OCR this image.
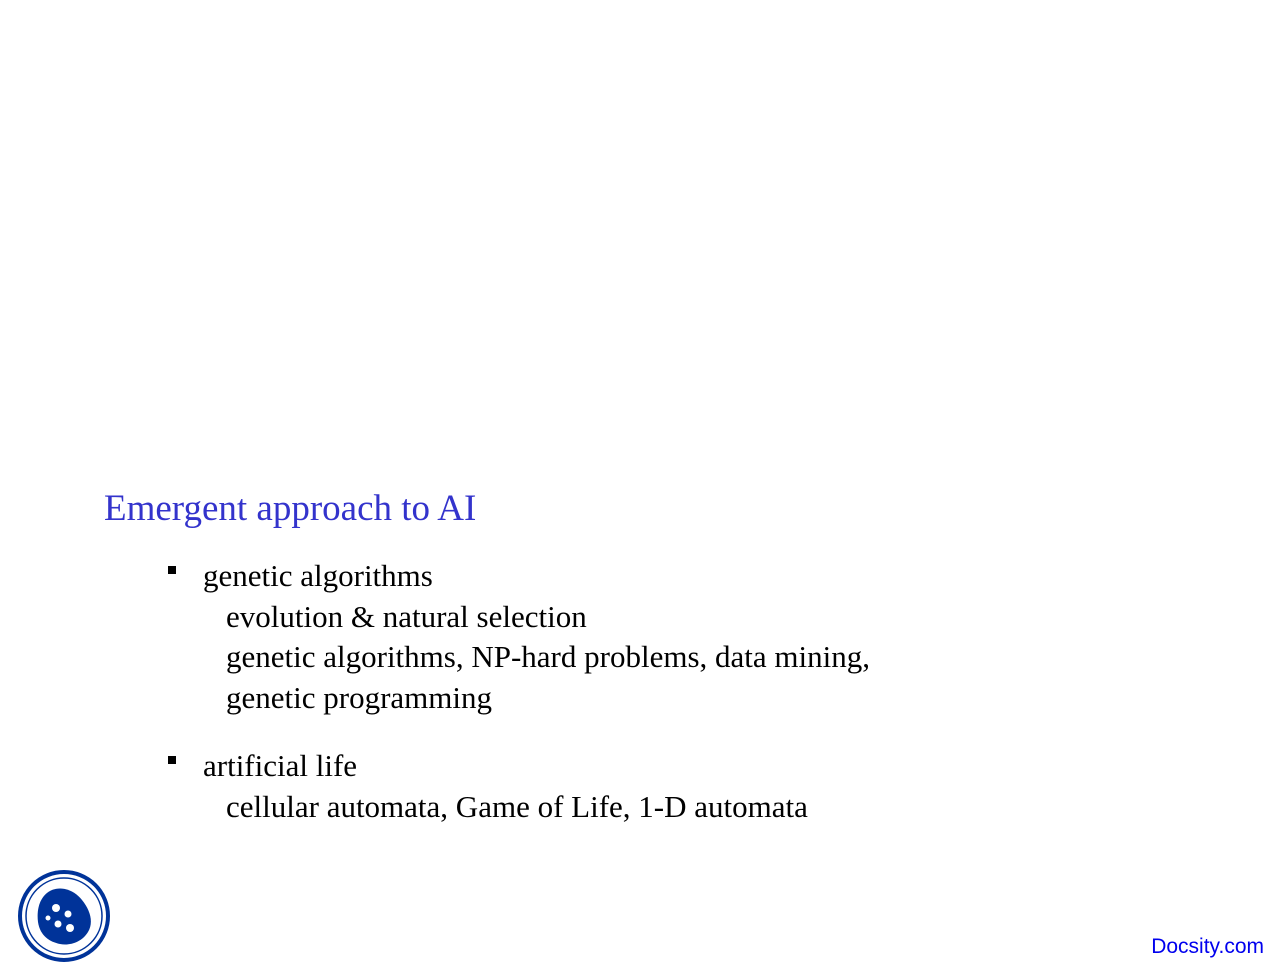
Emergent approach to AI
genetic algorithms
evolution & natural selection
genetic algorithms, NP-hard problems, data mining,
genetic programming
artificial life
cellular automata, Game of Life, 1-D automata
Docsity.com
